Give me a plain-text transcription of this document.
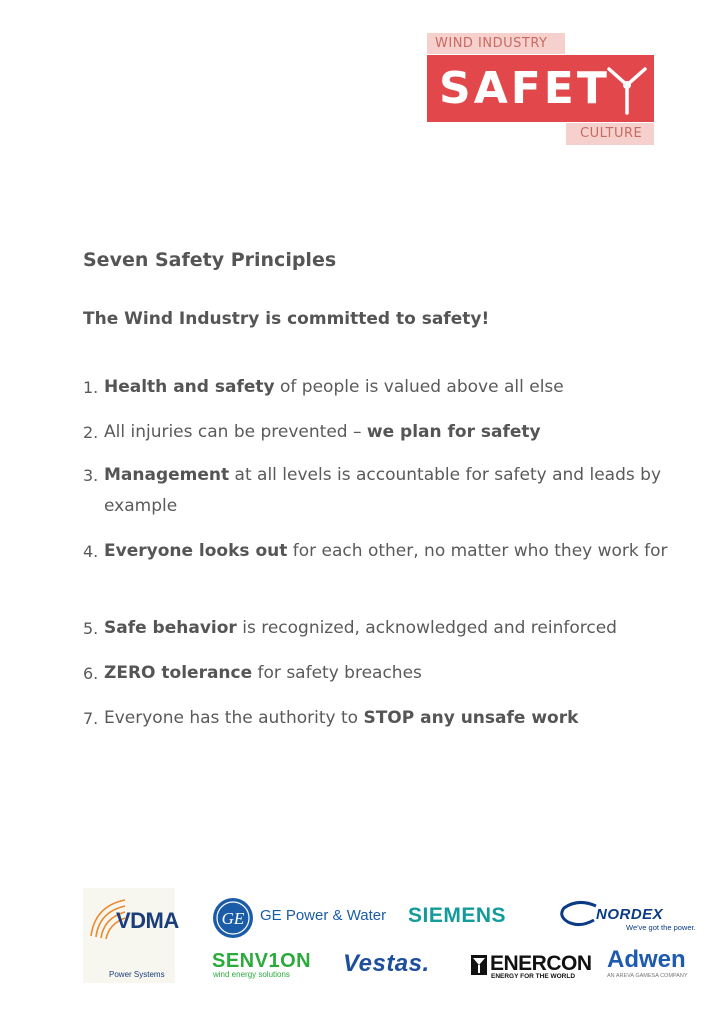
WIND INDUSTRY
SAFET
CULTURE
Seven Safety Principles
The Wind Industry is committed to safety!
1. Health and safety of people is valued above all else
2. All injuries can be prevented – we plan for safety
3. Management at all levels is accountable for safety and leads by example
4. Everyone looks out for each other, no matter who they work for
5. Safe behavior is recognized, acknowledged and reinforced
6. ZERO tolerance for safety breaches
7. Everyone has the authority to STOP any unsafe work
VDMA
Power Systems
GE GE Power & Water SIEMENS	NORDEX
We've got the power.
SENV1ON
wind energy solutions Vestas.	ENERCON
ENERGY FOR THE WORLD
Adwen
AN AREVA GAMESA COMPANY
